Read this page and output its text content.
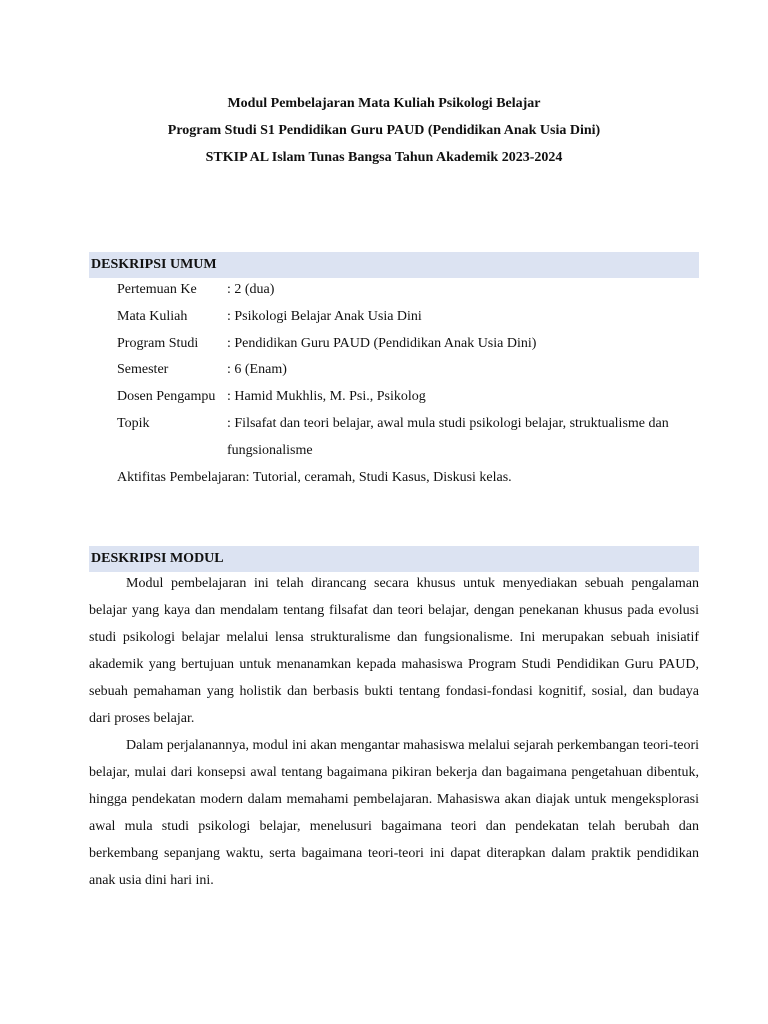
Modul Pembelajaran Mata Kuliah Psikologi Belajar
Program Studi S1 Pendidikan Guru PAUD (Pendidikan Anak Usia Dini)
STKIP AL Islam Tunas Bangsa Tahun Akademik 2023-2024
DESKRIPSI UMUM
Pertemuan Ke	: 2 (dua)
Mata Kuliah	: Psikologi Belajar Anak Usia Dini
Program Studi	: Pendidikan Guru PAUD (Pendidikan Anak Usia Dini)
Semester	: 6 (Enam)
Dosen Pengampu : Hamid Mukhlis, M. Psi., Psikolog
Topik	: Filsafat dan teori belajar, awal mula studi psikologi belajar, struktualisme dan fungsionalisme
Aktifitas Pembelajaran: Tutorial, ceramah, Studi Kasus, Diskusi kelas.
DESKRIPSI MODUL

Modul pembelajaran ini telah dirancang secara khusus untuk menyediakan sebuah pengalaman belajar yang kaya dan mendalam tentang filsafat dan teori belajar, dengan penekanan khusus pada evolusi studi psikologi belajar melalui lensa strukturalisme dan fungsionalisme. Ini merupakan sebuah inisiatif akademik yang bertujuan untuk menanamkan kepada mahasiswa Program Studi Pendidikan Guru PAUD, sebuah pemahaman yang holistik dan berbasis bukti tentang fondasi-fondasi kognitif, sosial, dan budaya dari proses belajar.

Dalam perjalanannya, modul ini akan mengantar mahasiswa melalui sejarah perkembangan teori-teori belajar, mulai dari konsepsi awal tentang bagaimana pikiran bekerja dan bagaimana pengetahuan dibentuk, hingga pendekatan modern dalam memahami pembelajaran. Mahasiswa akan diajak untuk mengeksplorasi awal mula studi psikologi belajar, menelusuri bagaimana teori dan pendekatan telah berubah dan berkembang sepanjang waktu, serta bagaimana teori-teori ini dapat diterapkan dalam praktik pendidikan anak usia dini hari ini.
